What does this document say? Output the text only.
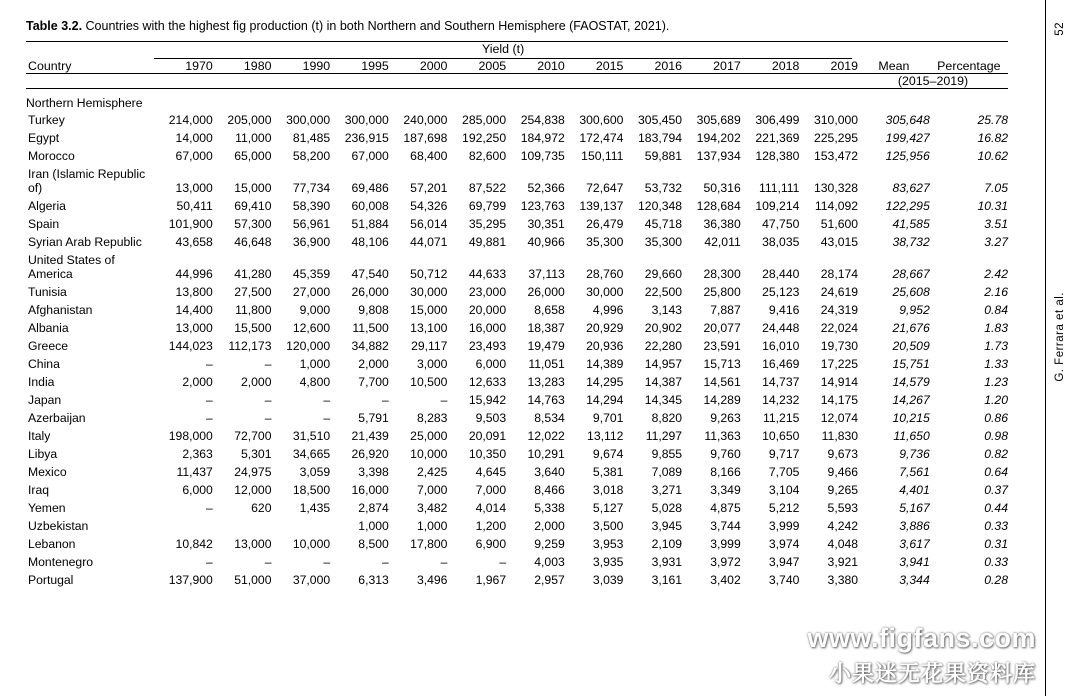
Table 3.2. Countries with the highest fig production (t) in both Northern and Southern Hemisphere (FAOSTAT, 2021).

	Yield (t)													

Country	1970	1980	1990	1995	2000	2005	2010	2015	2016	2017	2018	2019	Mean	Percentage
													(2015–2019)	

Northern Hemisphere														
Turkey	214,000	205,000	300,000	300,000	240,000	285,000	254,838	300,600	305,450	305,689	306,499	310,000	305,648	25.78
Egypt	14,000	11,000	81,485	236,915	187,698	192,250	184,972	172,474	183,794	194,202	221,369	225,295	199,427	16.82
Morocco	67,000	65,000	58,200	67,000	68,400	82,600	109,735	150,111	59,881	137,934	128,380	153,472	125,956	10.62
Iran (Islamic Republic of)	13,000	15,000	77,734	69,486	57,201	87,522	52,366	72,647	53,732	50,316	111,111	130,328	83,627	7.05
Algeria	50,411	69,410	58,390	60,008	54,326	69,799	123,763	139,137	120,348	128,684	109,214	114,092	122,295	10.31
Spain	101,900	57,300	56,961	51,884	56,014	35,295	30,351	26,479	45,718	36,380	47,750	51,600	41,585	3.51
Syrian Arab Republic	43,658	46,648	36,900	48,106	44,071	49,881	40,966	35,300	35,300	42,011	38,035	43,015	38,732	3.27
United States of America	44,996	41,280	45,359	47,540	50,712	44,633	37,113	28,760	29,660	28,300	28,440	28,174	28,667	2.42
Tunisia	13,800	27,500	27,000	26,000	30,000	23,000	26,000	30,000	22,500	25,800	25,123	24,619	25,608	2.16
Afghanistan	14,400	11,800	9,000	9,808	15,000	20,000	8,658	4,996	3,143	7,887	9,416	24,319	9,952	0.84
Albania	13,000	15,500	12,600	11,500	13,100	16,000	18,387	20,929	20,902	20,077	24,448	22,024	21,676	1.83
Greece	144,023	112,173	120,000	34,882	29,117	23,493	19,479	20,936	22,280	23,591	16,010	19,730	20,509	1.73
China	–	–	1,000	2,000	3,000	6,000	11,051	14,389	14,957	15,713	16,469	17,225	15,751	1.33
India	2,000	2,000	4,800	7,700	10,500	12,633	13,283	14,295	14,387	14,561	14,737	14,914	14,579	1.23
Japan	–	–	–	–	–	15,942	14,763	14,294	14,345	14,289	14,232	14,175	14,267	1.20
Azerbaijan	–	–	–	5,791	8,283	9,503	8,534	9,701	8,820	9,263	11,215	12,074	10,215	0.86
Italy	198,000	72,700	31,510	21,439	25,000	20,091	12,022	13,112	11,297	11,363	10,650	11,830	11,650	0.98
Libya	2,363	5,301	34,665	26,920	10,000	10,350	10,291	9,674	9,855	9,760	9,717	9,673	9,736	0.82
Mexico	11,437	24,975	3,059	3,398	2,425	4,645	3,640	5,381	7,089	8,166	7,705	9,466	7,561	0.64
Iraq	6,000	12,000	18,500	16,000	7,000	7,000	8,466	3,018	3,271	3,349	3,104	9,265	4,401	0.37
Yemen	–	620	1,435	2,874	3,482	4,014	5,338	5,127	5,028	4,875	5,212	5,593	5,167	0.44
Uzbekistan				1,000	1,000	1,200	2,000	3,500	3,945	3,744	3,999	4,242	3,886	0.33
Lebanon	10,842	13,000	10,000	8,500	17,800	6,900	9,259	3,953	2,109	3,999	3,974	4,048	3,617	0.31
Montenegro	–	–	–	–	–	–	4,003	3,935	3,931	3,972	3,947	3,921	3,941	0.33
Portugal	137,900	51,000	37,000	6,313	3,496	1,967	2,957	3,039	3,161	3,402	3,740	3,380	3,344	0.28
52
G. Ferrara et al.
www.figfans.com
小果迷无花果资料库
